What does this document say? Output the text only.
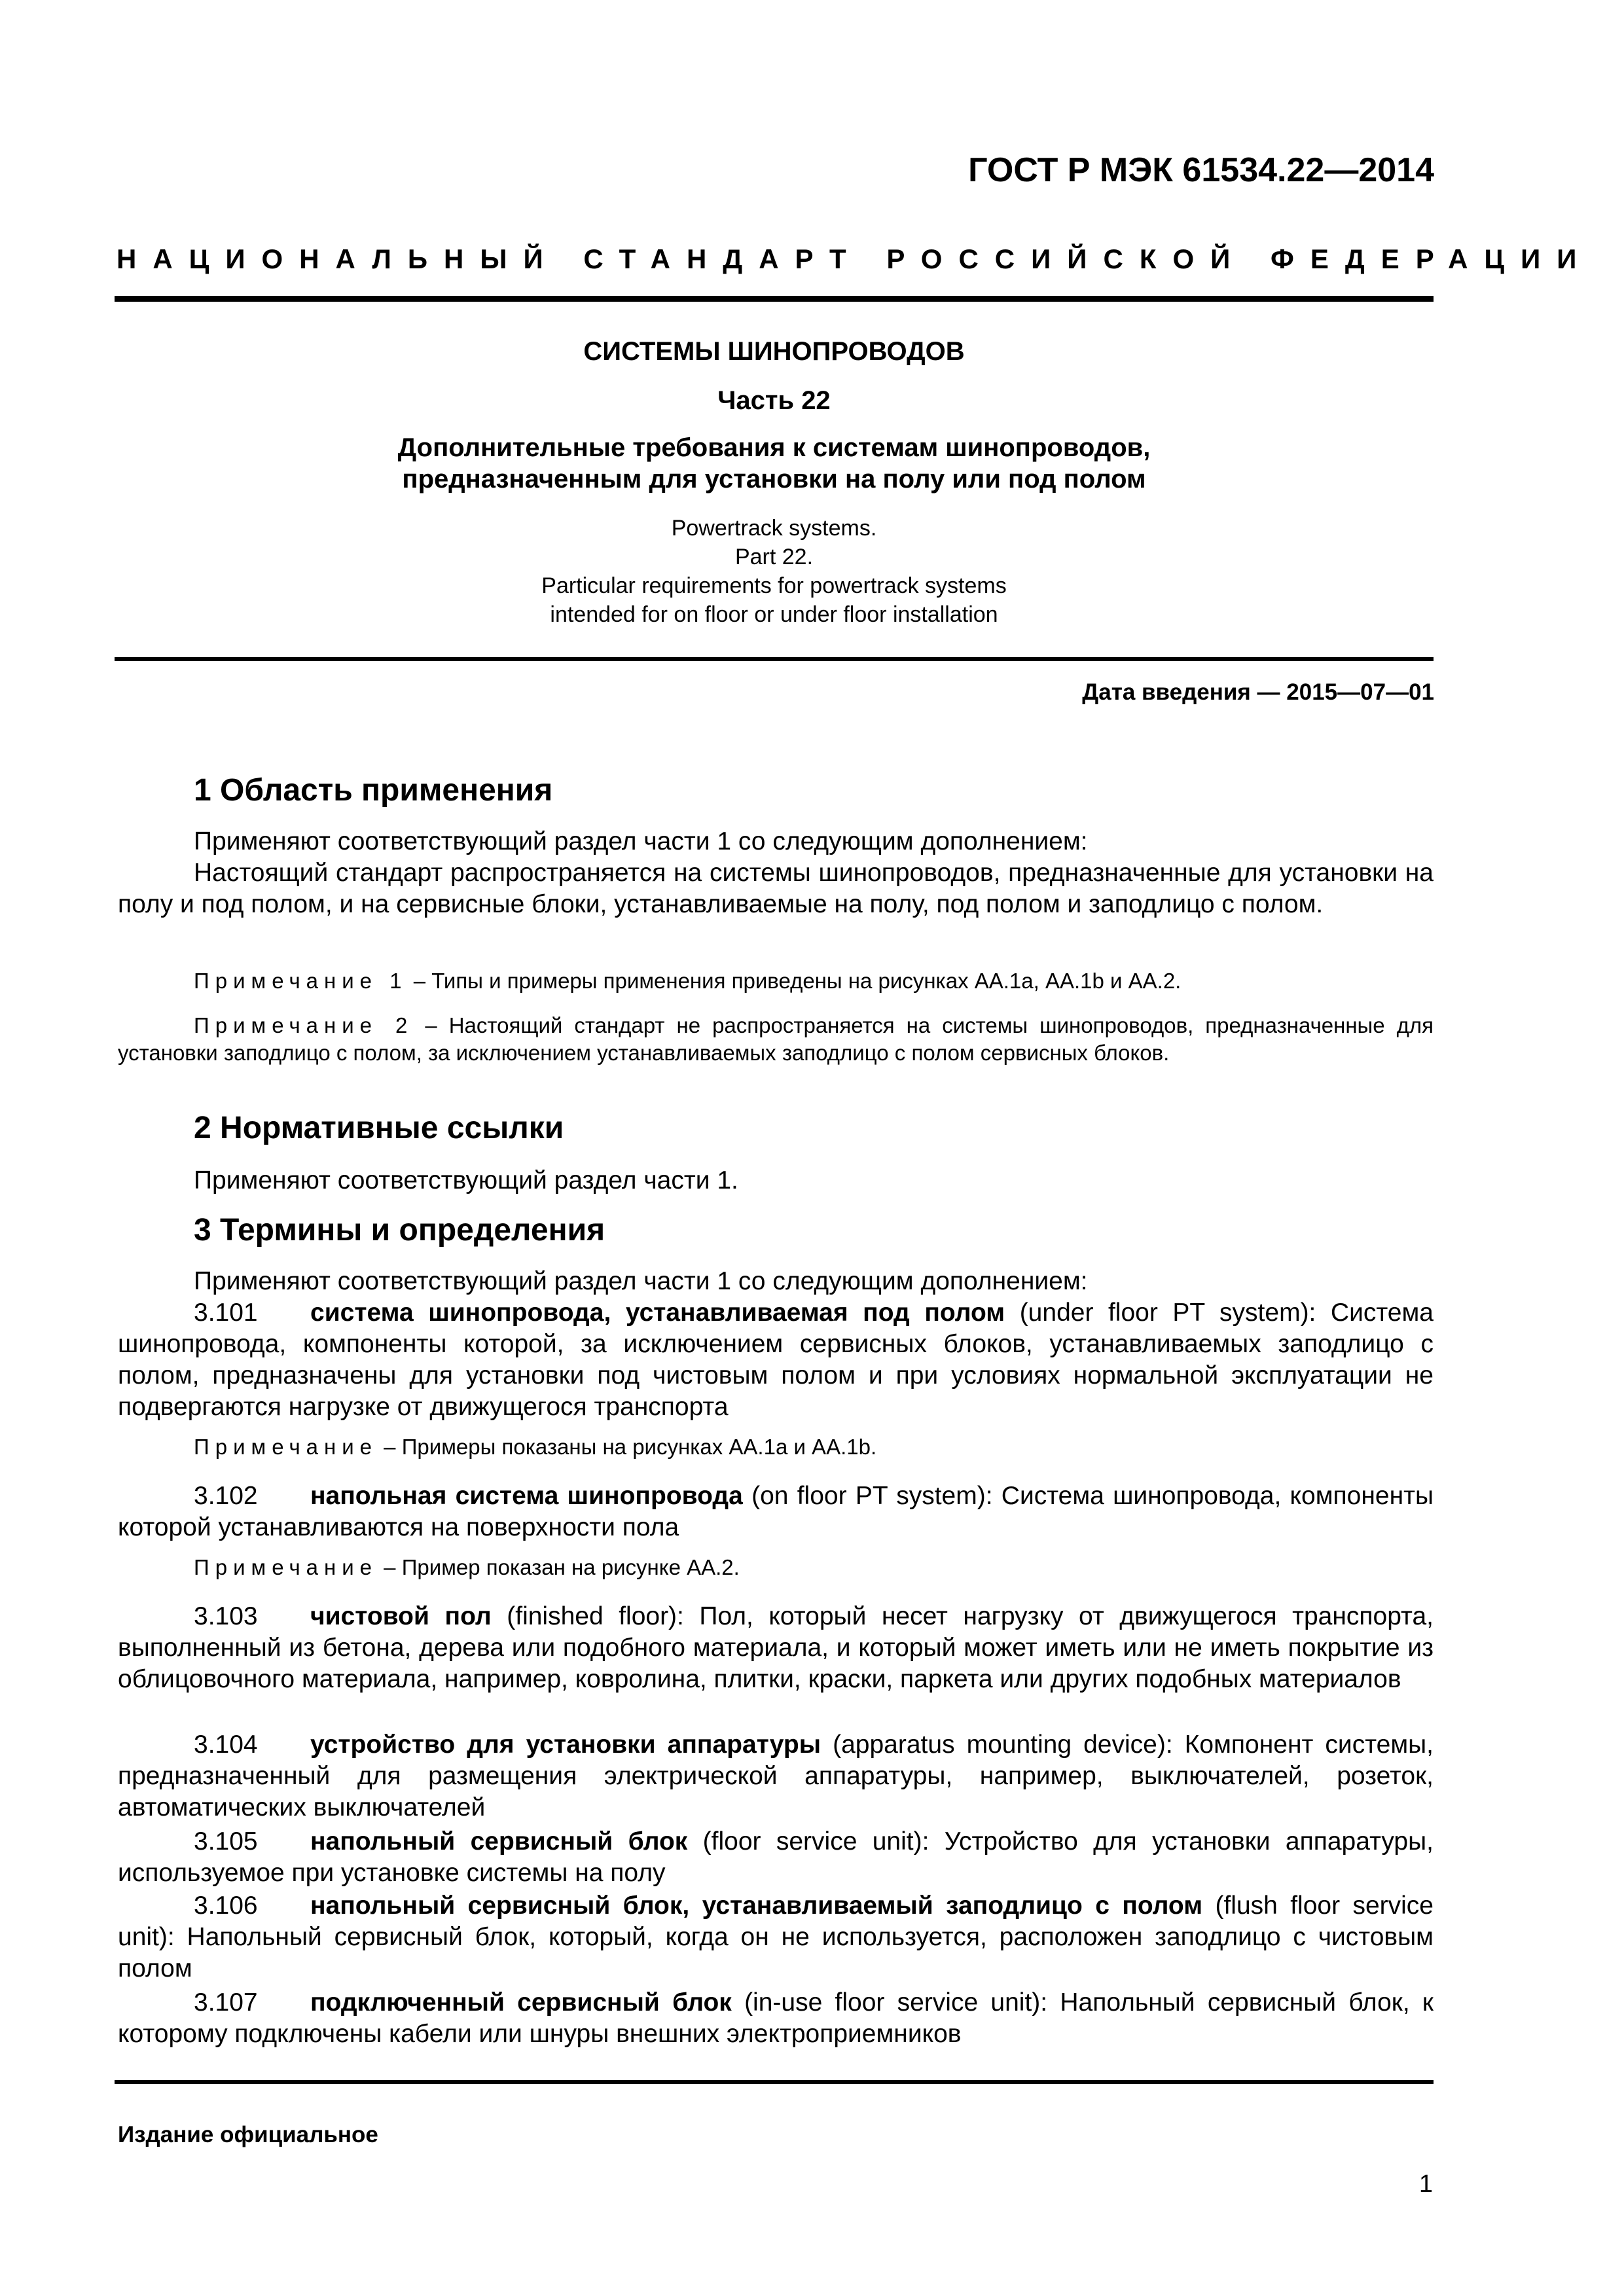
ГОСТ Р МЭК 61534.22—2014
НАЦИОНАЛЬНЫЙ СТАНДАРТ РОССИЙСКОЙ ФЕДЕРАЦИИ
СИСТЕМЫ ШИНОПРОВОДОВ
Часть 22
Дополнительные требования к системам шинопроводов,
предназначенным для установки на полу или под полом
Powertrack systems.
Part 22.
Particular requirements for powertrack systems
intended for on floor or under floor installation
Дата введения — 2015—07—01
1 Область применения

Применяют соответствующий раздел части 1 со следующим дополнением:

Настоящий стандарт распространяется на системы шинопроводов, предназначенные для установки на полу и под полом, и на сервисные блоки, устанавливаемые на полу, под полом и заподлицо с полом.

Примечание 1 – Типы и примеры применения приведены на рисунках АА.1а, АА.1b и АА.2.

Примечание 2 – Настоящий стандарт не распространяется на системы шинопроводов, предназначенные для установки заподлицо с полом, за исключением устанавливаемых заподлицо с полом сервисных блоков.

2 Нормативные ссылки

Применяют соответствующий раздел части 1.

3 Термины и определения

Применяют соответствующий раздел части 1 со следующим дополнением:

3.101 система шинопровода, устанавливаемая под полом (under floor PT system): Система шинопровода, компоненты которой, за исключением сервисных блоков, устанавливаемых заподлицо с полом, предназначены для установки под чистовым полом и при условиях нормальной эксплуатации не подвергаются нагрузке от движущегося транспорта

Примечание – Примеры показаны на рисунках АА.1а и АА.1b.

3.102 напольная система шинопровода (on floor PT system): Система шинопровода, компоненты которой устанавливаются на поверхности пола

Примечание – Пример показан на рисунке АА.2.

3.103 чистовой пол (finished floor): Пол, который несет нагрузку от движущегося транспорта, выполненный из бетона, дерева или подобного материала, и который может иметь или не иметь покрытие из облицовочного материала, например, ковролина, плитки, краски, паркета или других подобных материалов

3.104 устройство для установки аппаратуры (apparatus mounting device): Компонент системы, предназначенный для размещения электрической аппаратуры, например, выключателей, розеток, автоматических выключателей

3.105 напольный сервисный блок (floor service unit): Устройство для установки аппаратуры, используемое при установке системы на полу

3.106 напольный сервисный блок, устанавливаемый заподлицо с полом (flush floor service unit): Напольный сервисный блок, который, когда он не используется, расположен заподлицо с чистовым полом

3.107 подключенный сервисный блок (in-use floor service unit): Напольный сервисный блок, к которому подключены кабели или шнуры внешних электроприемников

Издание официальное
1
